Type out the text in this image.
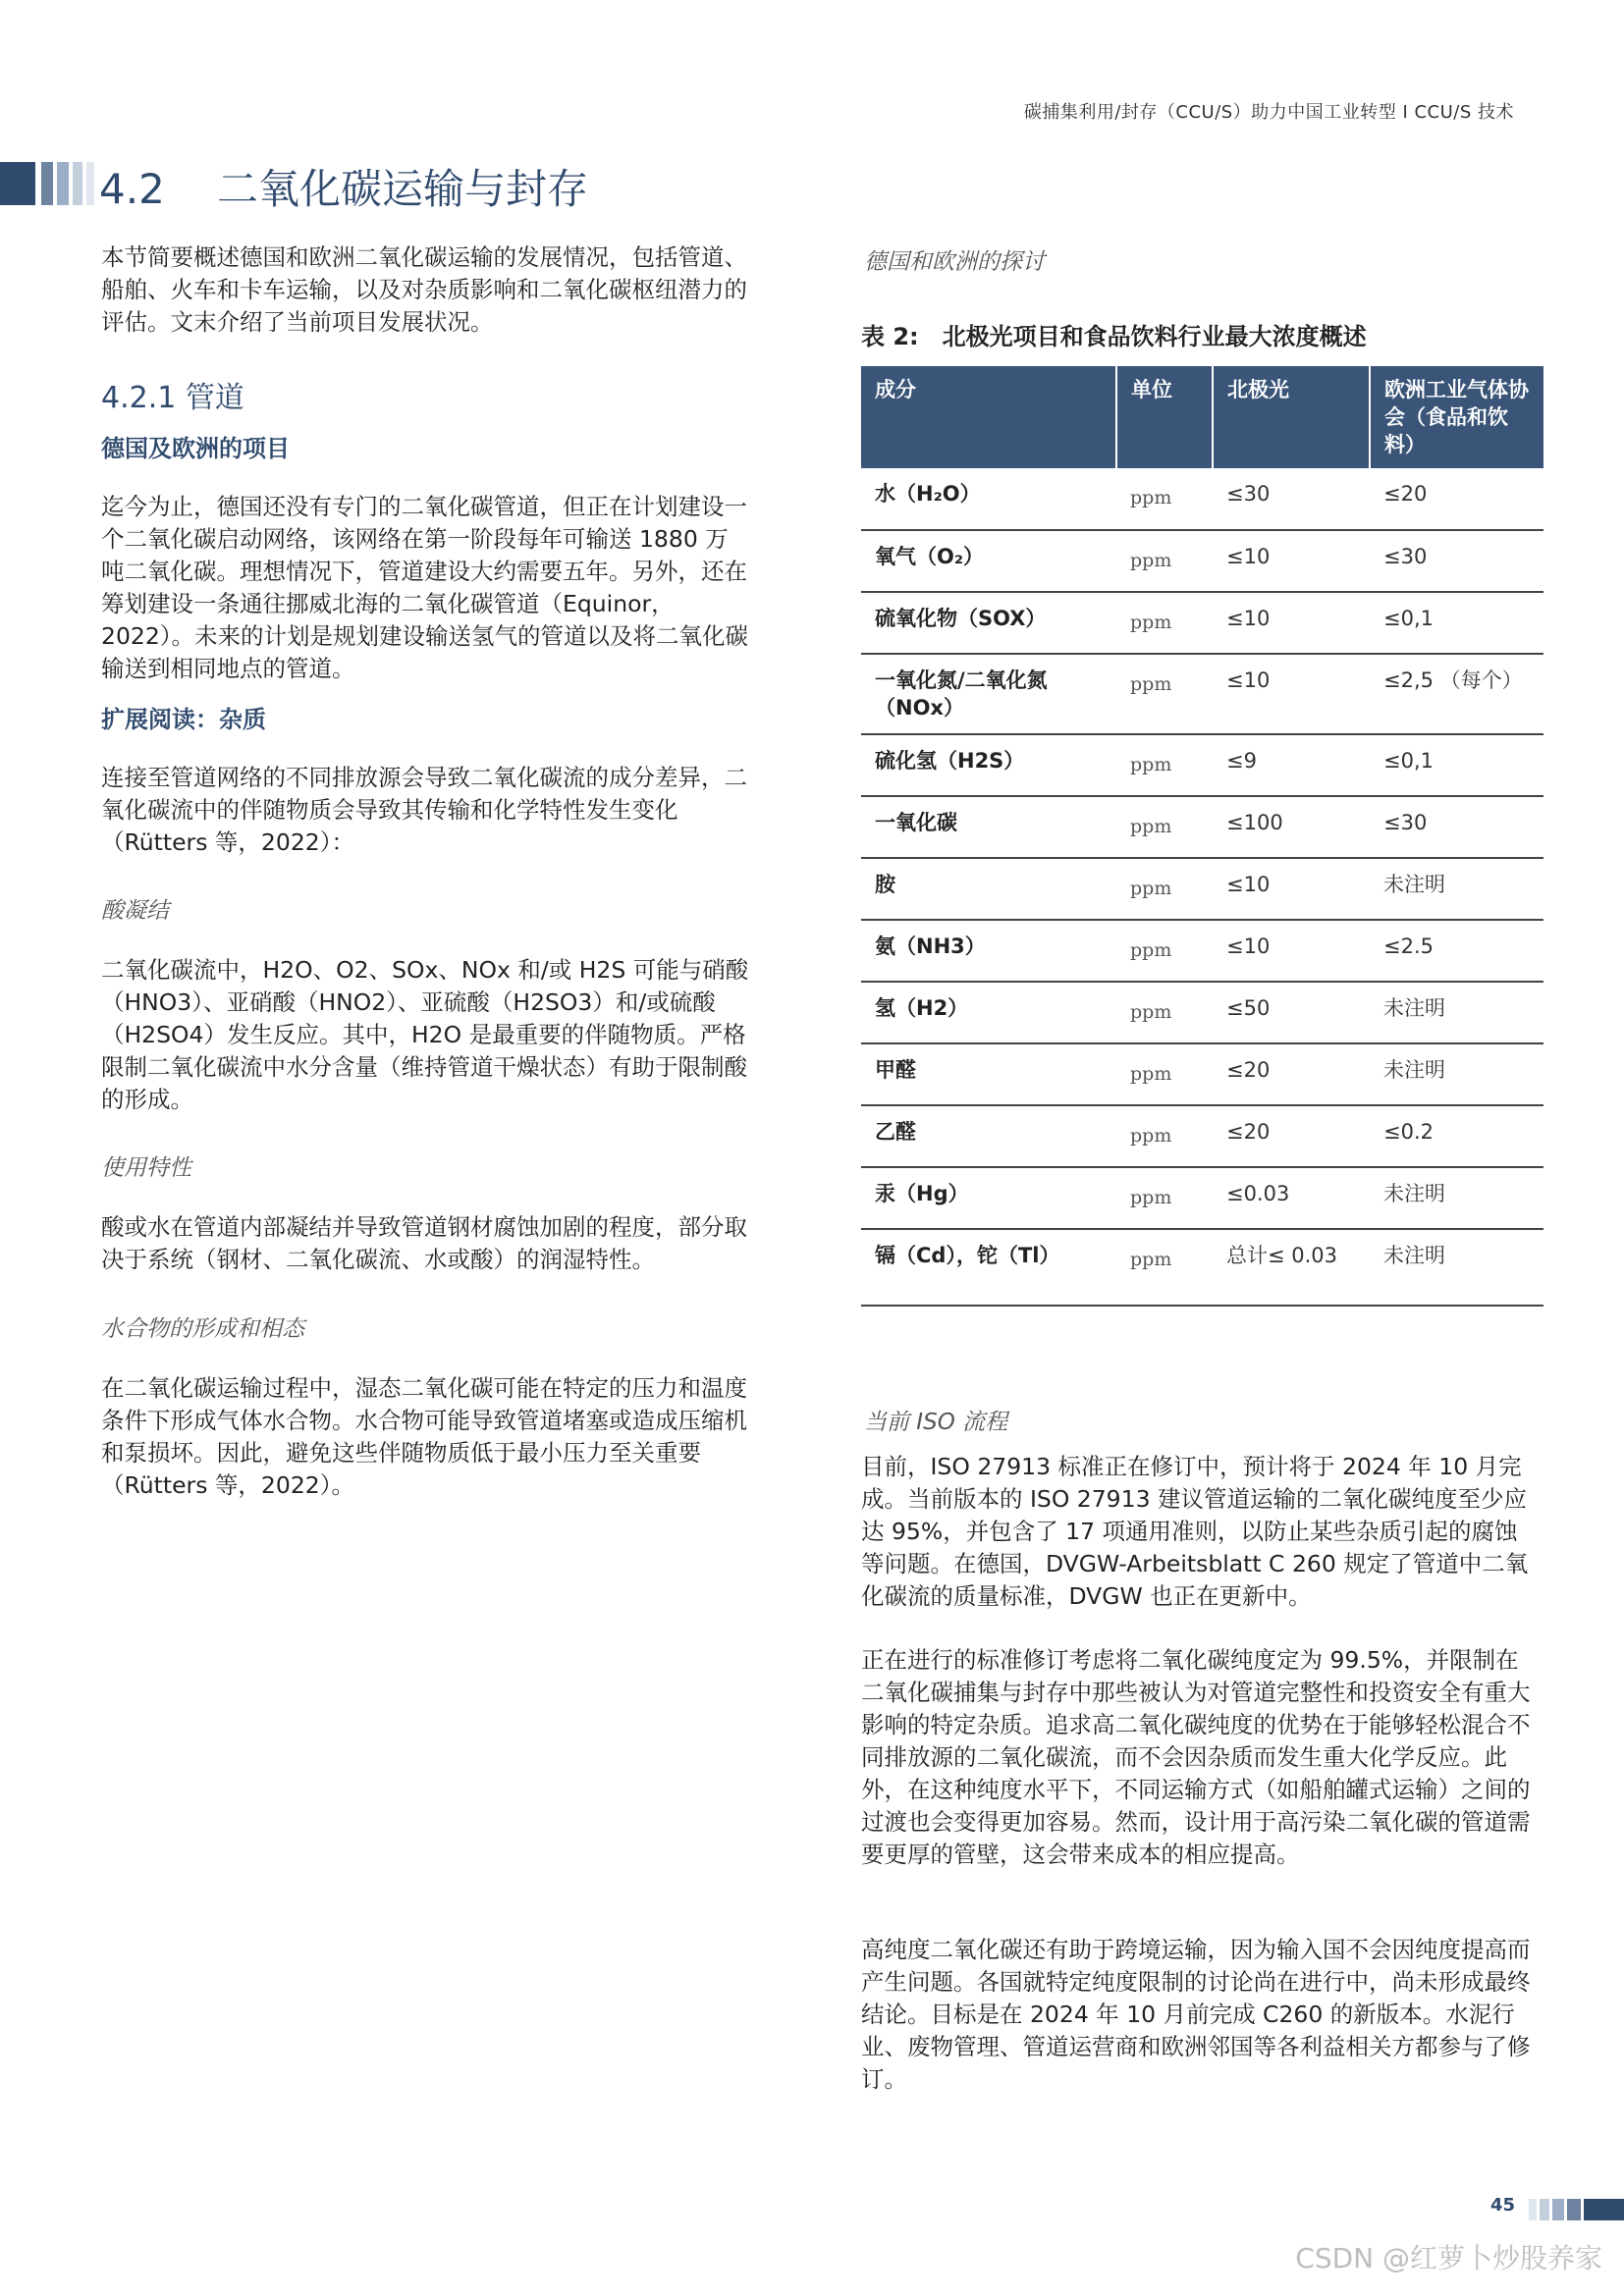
碳捕集利用/封存（CCU/S）助力中国工业转型 I CCU/S 技术
4.2 二氧化碳运输与封存

本节简要概述德国和欧洲二氧化碳运输的发展情况，包括管道、船舶、火车和卡车运输，以及对杂质影响和二氧化碳枢纽潜力的评估。文末介绍了当前项目发展状况。

4.2.1 管道
德国及欧洲的项目

迄今为止，德国还没有专门的二氧化碳管道，但正在计划建设一个二氧化碳启动网络，该网络在第一阶段每年可输送 1880 万吨二氧化碳。理想情况下，管道建设大约需要五年。另外，还在筹划建设一条通往挪威北海的二氧化碳管道（Equinor，2022）。未来的计划是规划建设输送氢气的管道以及将二氧化碳输送到相同地点的管道。

扩展阅读：杂质

连接至管道网络的不同排放源会导致二氧化碳流的成分差异，二氧化碳流中的伴随物质会导致其传输和化学特性发生变化（Rütters 等，2022）：

酸凝结

二氧化碳流中，H2O、O2、SOx、NOx 和/或 H2S 可能与硝酸（HNO3）、亚硝酸（HNO2）、亚硫酸（H2SO3）和/或硫酸（H2SO4）发生反应。其中，H2O 是最重要的伴随物质。严格限制二氧化碳流中水分含量（维持管道干燥状态）有助于限制酸的形成。

使用特性

酸或水在管道内部凝结并导致管道钢材腐蚀加剧的程度，部分取决于系统（钢材、二氧化碳流、水或酸）的润湿特性。

水合物的形成和相态

在二氧化碳运输过程中，湿态二氧化碳可能在特定的压力和温度条件下形成气体水合物。水合物可能导致管道堵塞或造成压缩机和泵损坏。因此，避免这些伴随物质低于最小压力至关重要（Rütters 等，2022）。

德国和欧洲的探讨
表 2:　北极光项目和食品饮料行业最大浓度概述
成分	单位	北极光	欧洲工业气体协会（食品和饮料）
水（H₂O）	ppm	≤30	≤20
氧气（O₂）	ppm	≤10	≤30
硫氧化物（SOX）	ppm	≤10	≤0,1
一氧化氮/二氧化氮（NOx）	ppm	≤10	≤2,5 （每个）
硫化氢（H2S）	ppm	≤9	≤0,1
一氧化碳	ppm	≤100	≤30
胺	ppm	≤10	未注明
氨（NH3）	ppm	≤10	≤2.5
氢（H2）	ppm	≤50	未注明
甲醛	ppm	≤20	未注明
乙醛	ppm	≤20	≤0.2
汞（Hg）	ppm	≤0.03	未注明
镉（Cd），铊（Tl）	ppm	总计≤ 0.03	未注明
当前 ISO 流程

目前，ISO 27913 标准正在修订中，预计将于 2024 年 10 月完成。当前版本的 ISO 27913 建议管道运输的二氧化碳纯度至少应达 95%，并包含了 17 项通用准则，以防止某些杂质引起的腐蚀等问题。在德国，DVGW-Arbeitsblatt C 260 规定了管道中二氧化碳流的质量标准，DVGW 也正在更新中。

正在进行的标准修订考虑将二氧化碳纯度定为 99.5%，并限制在二氧化碳捕集与封存中那些被认为对管道完整性和投资安全有重大影响的特定杂质。追求高二氧化碳纯度的优势在于能够轻松混合不同排放源的二氧化碳流，而不会因杂质而发生重大化学反应。此外，在这种纯度水平下，不同运输方式（如船舶罐式运输）之间的过渡也会变得更加容易。然而，设计用于高污染二氧化碳的管道需要更厚的管壁，这会带来成本的相应提高。

高纯度二氧化碳还有助于跨境运输，因为输入国不会因纯度提高而产生问题。各国就特定纯度限制的讨论尚在进行中，尚未形成最终结论。目标是在 2024 年 10 月前完成 C260 的新版本。水泥行业、废物管理、管道运营商和欧洲邻国等各利益相关方都参与了修订。

45
CSDN @红萝卜炒股养家
